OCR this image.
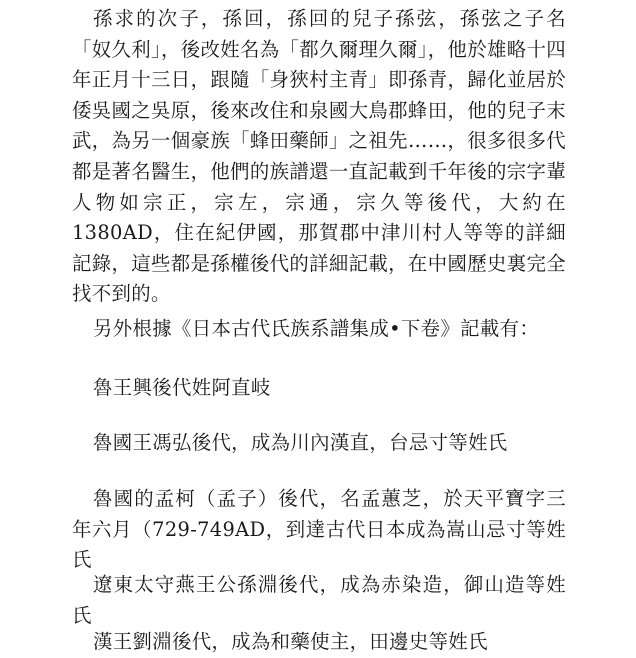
孫求的次子，孫回，孫回的兒子孫弦，孫弦之子名「奴久利」，後改姓名為「都久爾理久爾」，他於雄略十四年正月十三日，跟隨「身狹村主青」即孫青，歸化並居於倭吳國之吳原，後來改住和泉國大鳥郡蜂田，他的兒子末武，為另一個豪族「蜂田藥師」之祖先……，很多很多代都是著名醫生，他們的族譜還一直記載到千年後的宗字輩人物如宗正，宗左，宗通，宗久等後代，大約在1380AD，住在紀伊國，那賀郡中津川村人等等的詳細記錄，這些都是孫權後代的詳細記載，在中國歷史裏完全找不到的。

另外根據《日本古代氏族系譜集成•下卷》記載有：

魯王興後代姓阿直岐

魯國王馮弘後代，成為川內漢直，台忌寸等姓氏

魯國的孟柯（孟子）後代，名孟蕙芝，於天平寶字三年六月（729-749AD，到達古代日本成為嵩山忌寸等姓氏

遼東太守燕王公孫淵後代，成為赤染造，御山造等姓氏

漢王劉淵後代，成為和藥使主，田邊史等姓氏
